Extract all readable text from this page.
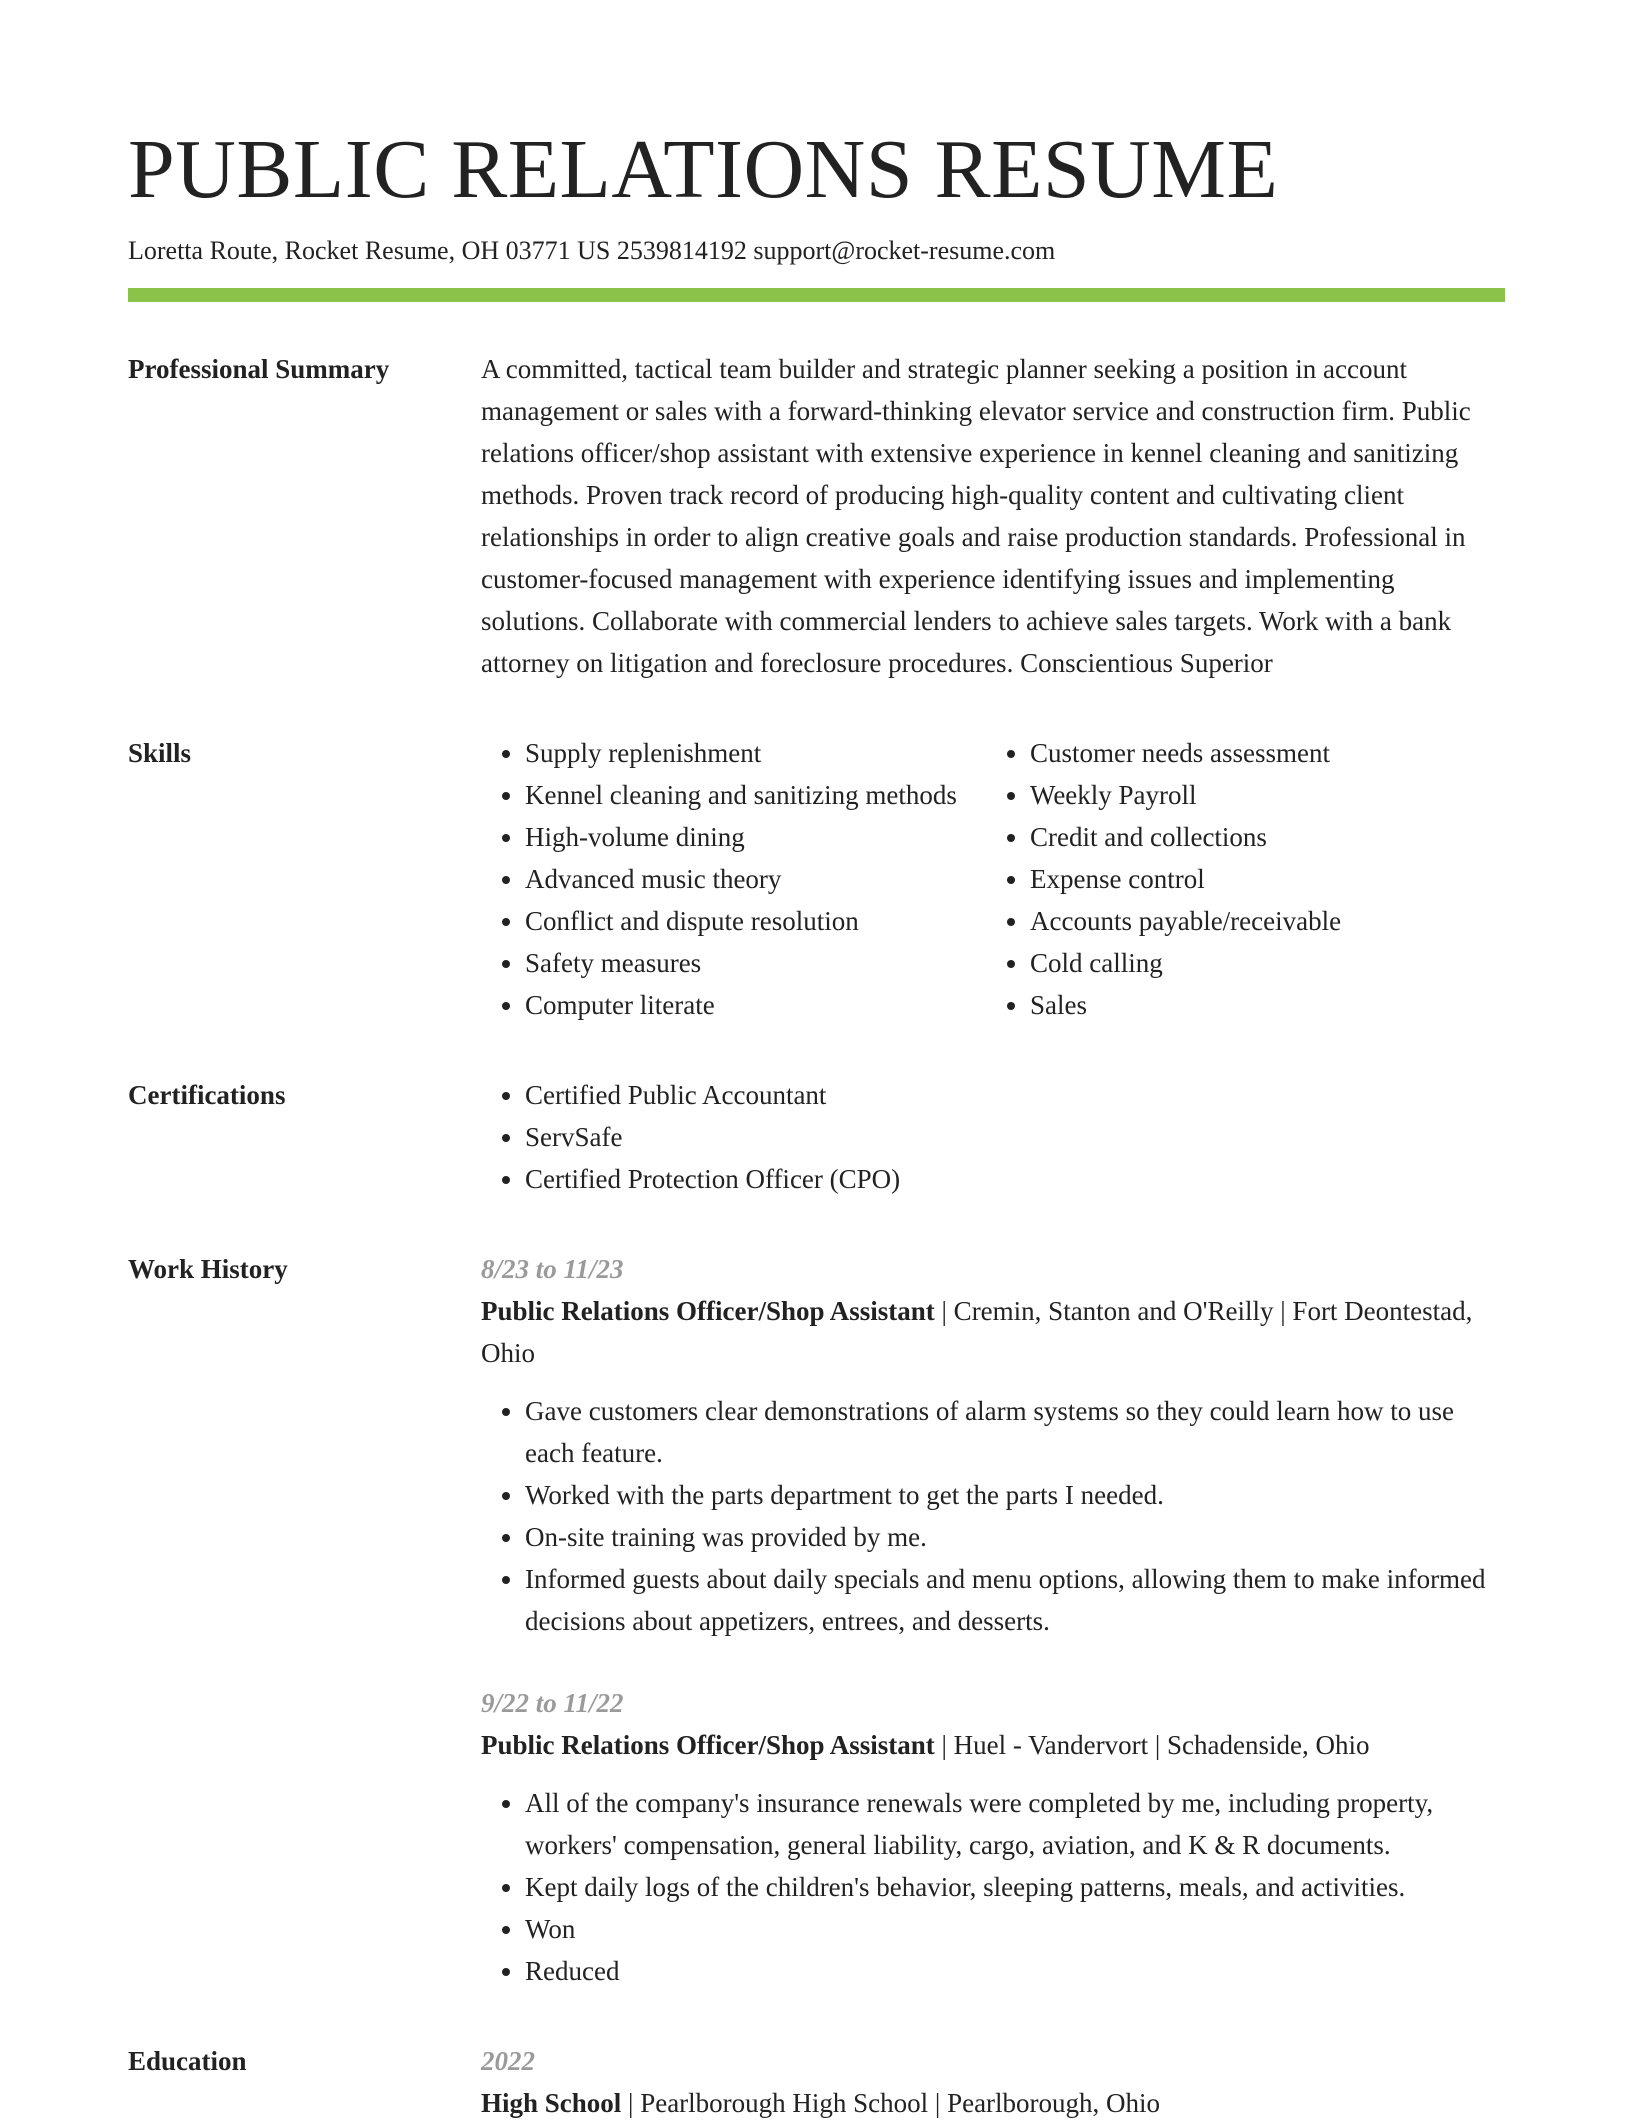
PUBLIC RELATIONS RESUME
Loretta Route, Rocket Resume, OH 03771 US 2539814192 support@rocket-resume.com
Professional Summary	A committed, tactical team builder and strategic planner seeking a position in account management or sales with a forward-thinking elevator service and construction firm. Public relations officer/shop assistant with extensive experience in kennel cleaning and sanitizing methods. Proven track record of producing high-quality content and cultivating client relationships in order to align creative goals and raise production standards. Professional in customer-focused management with experience identifying issues and implementing solutions. Collaborate with commercial lenders to achieve sales targets. Work with a bank attorney on litigation and foreclosure procedures. Conscientious Superior

Skills	• Supply replenishment
• Kennel cleaning and sanitizing methods
• High-volume dining
• Advanced music theory
• Conflict and dispute resolution
• Safety measures
• Computer literate
• Customer needs assessment
• Weekly Payroll
• Credit and collections
• Expense control
• Accounts payable/receivable
• Cold calling
• Sales
Certifications	• Certified Public Accountant
• ServSafe
• Certified Protection Officer (CPO)
Work History	8/23 to 11/23
Public Relations Officer/Shop Assistant | Cremin, Stanton and O'Reilly | Fort Deontestad, Ohio
• Gave customers clear demonstrations of alarm systems so they could learn how to use each feature.
• Worked with the parts department to get the parts I needed.
• On-site training was provided by me.
• Informed guests about daily specials and menu options, allowing them to make informed decisions about appetizers, entrees, and desserts.
9/22 to 11/22
Public Relations Officer/Shop Assistant | Huel - Vandervort | Schadenside, Ohio
• All of the company's insurance renewals were completed by me, including property, workers' compensation, general liability, cargo, aviation, and K & R documents.
• Kept daily logs of the children's behavior, sleeping patterns, meals, and activities.
• Won
• Reduced
Education	2022
High School | Pearlborough High School | Pearlborough, Ohio
